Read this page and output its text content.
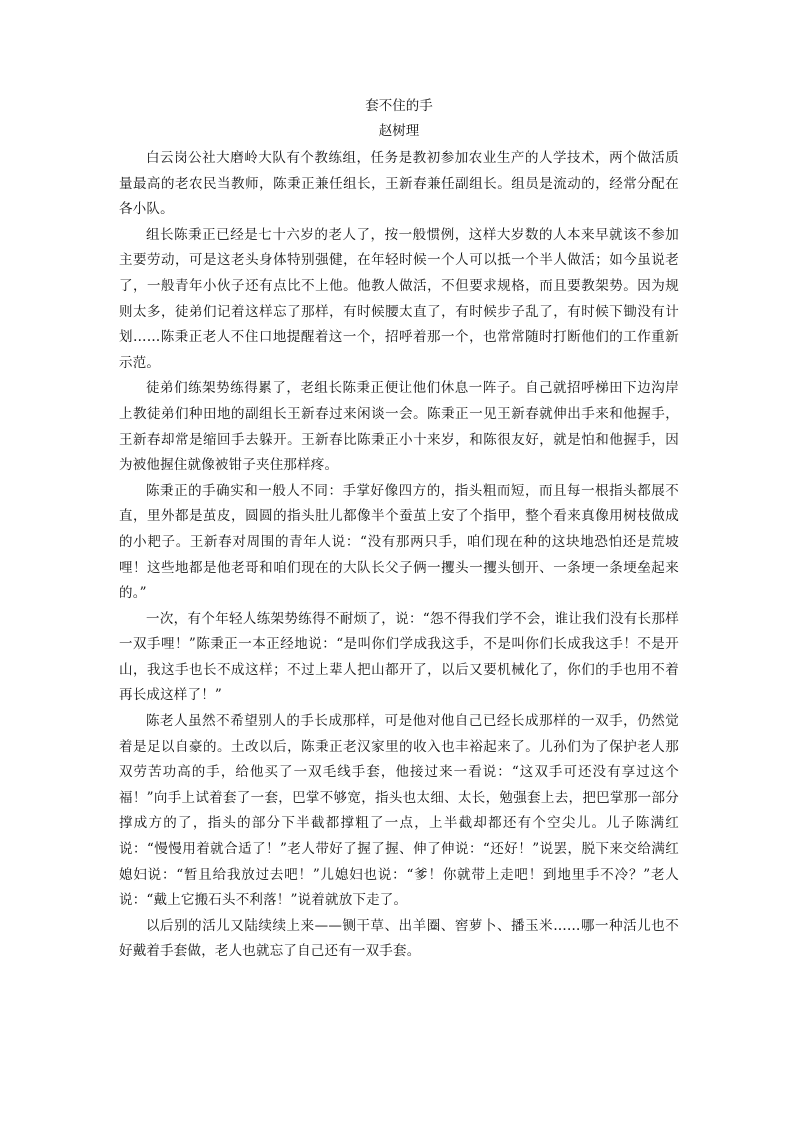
套不住的手

赵树理

白云岗公社大磨岭大队有个教练组，任务是教初参加农业生产的人学技术，两个做活质量最高的老农民当教师，陈秉正兼任组长，王新春兼任副组长。组员是流动的，经常分配在各小队。

组长陈秉正已经是七十六岁的老人了，按一般惯例，这样大岁数的人本来早就该不参加主要劳动，可是这老头身体特别强健，在年轻时候一个人可以抵一个半人做活；如今虽说老了，一般青年小伙子还有点比不上他。他教人做活，不但要求规格，而且要教架势。因为规则太多，徒弟们记着这样忘了那样，有时候腰太直了，有时候步子乱了，有时候下锄没有计划……陈秉正老人不住口地提醒着这一个，招呼着那一个，也常常随时打断他们的工作重新示范。

徒弟们练架势练得累了，老组长陈秉正便让他们休息一阵子。自己就招呼梯田下边沟岸上教徒弟们种田地的副组长王新春过来闲谈一会。陈秉正一见王新春就伸出手来和他握手，王新春却常是缩回手去躲开。王新春比陈秉正小十来岁，和陈很友好，就是怕和他握手，因为被他握住就像被钳子夹住那样疼。

陈秉正的手确实和一般人不同：手掌好像四方的，指头粗而短，而且每一根指头都展不直，里外都是茧皮，圆圆的指头肚儿都像半个蚕茧上安了个指甲，整个看来真像用树枝做成的小耙子。王新春对周围的青年人说：“没有那两只手，咱们现在种的这块地恐怕还是荒坡哩！这些地都是他老哥和咱们现在的大队长父子俩一攫头一攫头刨开、一条埂一条埂垒起来的。”

一次，有个年轻人练架势练得不耐烦了，说：“怨不得我们学不会，谁让我们没有长那样一双手哩！”陈秉正一本正经地说：“是叫你们学成我这手，不是叫你们长成我这手！不是开山，我这手也长不成这样；不过上辈人把山都开了，以后又要机械化了，你们的手也用不着再长成这样了！”

陈老人虽然不希望别人的手长成那样，可是他对他自己已经长成那样的一双手，仍然觉着是足以自豪的。土改以后，陈秉正老汉家里的收入也丰裕起来了。儿孙们为了保护老人那双劳苦功高的手，给他买了一双毛线手套，他接过来一看说：“这双手可还没有享过这个福！”向手上试着套了一套，巴掌不够宽，指头也太细、太长，勉强套上去，把巴掌那一部分撑成方的了，指头的部分下半截都撑粗了一点，上半截却都还有个空尖儿。儿子陈满红说：“慢慢用着就合适了！”老人带好了握了握、伸了伸说：“还好！”说罢，脱下来交给满红媳妇说：“暂且给我放过去吧！”儿媳妇也说：“爹！你就带上走吧！到地里手不冷？”老人说：“戴上它搬石头不利落！”说着就放下走了。

以后别的活儿又陆续续上来——铡干草、出羊圈、窖萝卜、播玉米……哪一种活儿也不好戴着手套做，老人也就忘了自己还有一双手套。
